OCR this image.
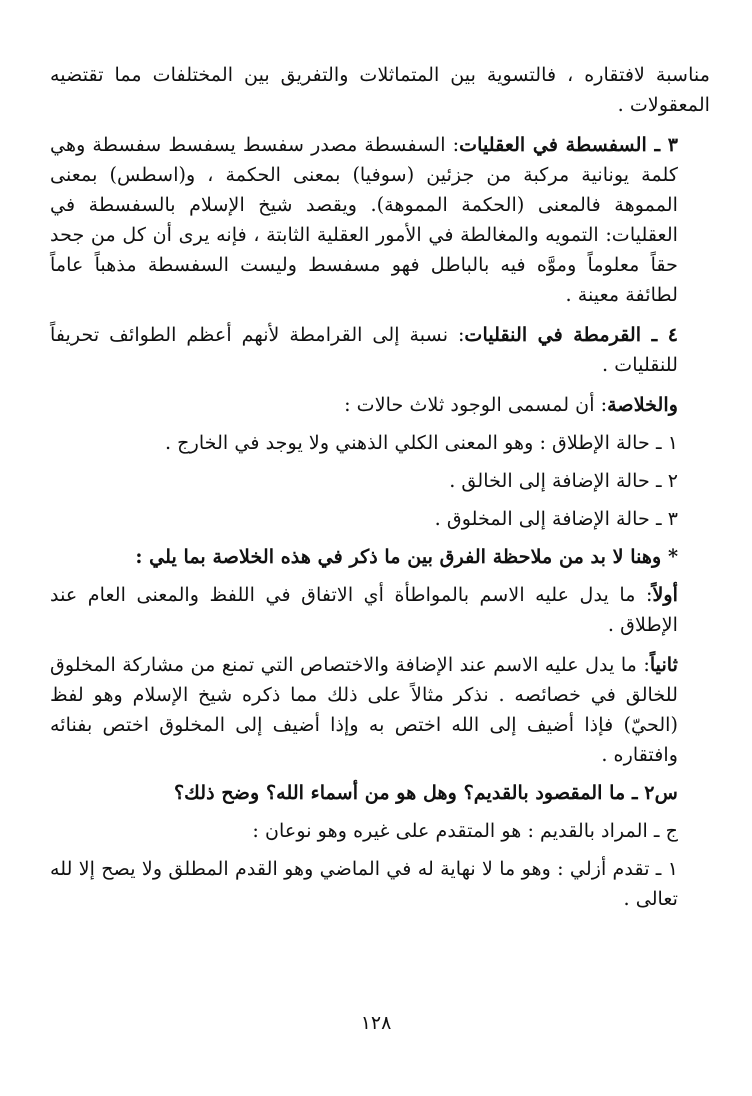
مناسبة لافتقاره ، فالتسوية بين المتماثلات والتفريق بين المختلفات مما تقتضيه المعقولات .

٣ ـ السفسطة في العقليات: السفسطة مصدر سفسط يسفسط سفسطة وهي كلمة يونانية مركبة من جزئين (سوفيا) بمعنى الحكمة ، و(اسطس) بمعنى المموهة فالمعنى (الحكمة المموهة). ويقصد شيخ الإسلام بالسفسطة في العقليات: التمويه والمغالطة في الأمور العقلية الثابتة ، فإنه يرى أن كل من جحد حقاً معلوماً وموَّه فيه بالباطل فهو مسفسط وليست السفسطة مذهباً عاماً لطائفة معينة .

٤ ـ القرمطة في النقليات: نسبة إلى القرامطة لأنهم أعظم الطوائف تحريفاً للنقليات .

والخلاصة: أن لمسمى الوجود ثلاث حالات :

١ ـ حالة الإطلاق : وهو المعنى الكلي الذهني ولا يوجد في الخارج .

٢ ـ حالة الإضافة إلى الخالق .

٣ ـ حالة الإضافة إلى المخلوق .

* وهنا لا بد من ملاحظة الفرق بين ما ذكر في هذه الخلاصة بما يلي :

أولاً: ما يدل عليه الاسم بالمواطأة أي الاتفاق في اللفظ والمعنى العام عند الإطلاق .

ثانياً: ما يدل عليه الاسم عند الإضافة والاختصاص التي تمنع من مشاركة المخلوق للخالق في خصائصه . نذكر مثالاً على ذلك مما ذكره شيخ الإسلام وهو لفظ (الحيّ) فإذا أضيف إلى الله اختص به وإذا أضيف إلى المخلوق اختص بفنائه وافتقاره .

س٢ ـ ما المقصود بالقديم؟ وهل هو من أسماء الله؟ وضح ذلك؟

ج ـ المراد بالقديم : هو المتقدم على غيره وهو نوعان :

١ ـ تقدم أزلي : وهو ما لا نهاية له في الماضي وهو القدم المطلق ولا يصح إلا لله تعالى .

١٢٨
